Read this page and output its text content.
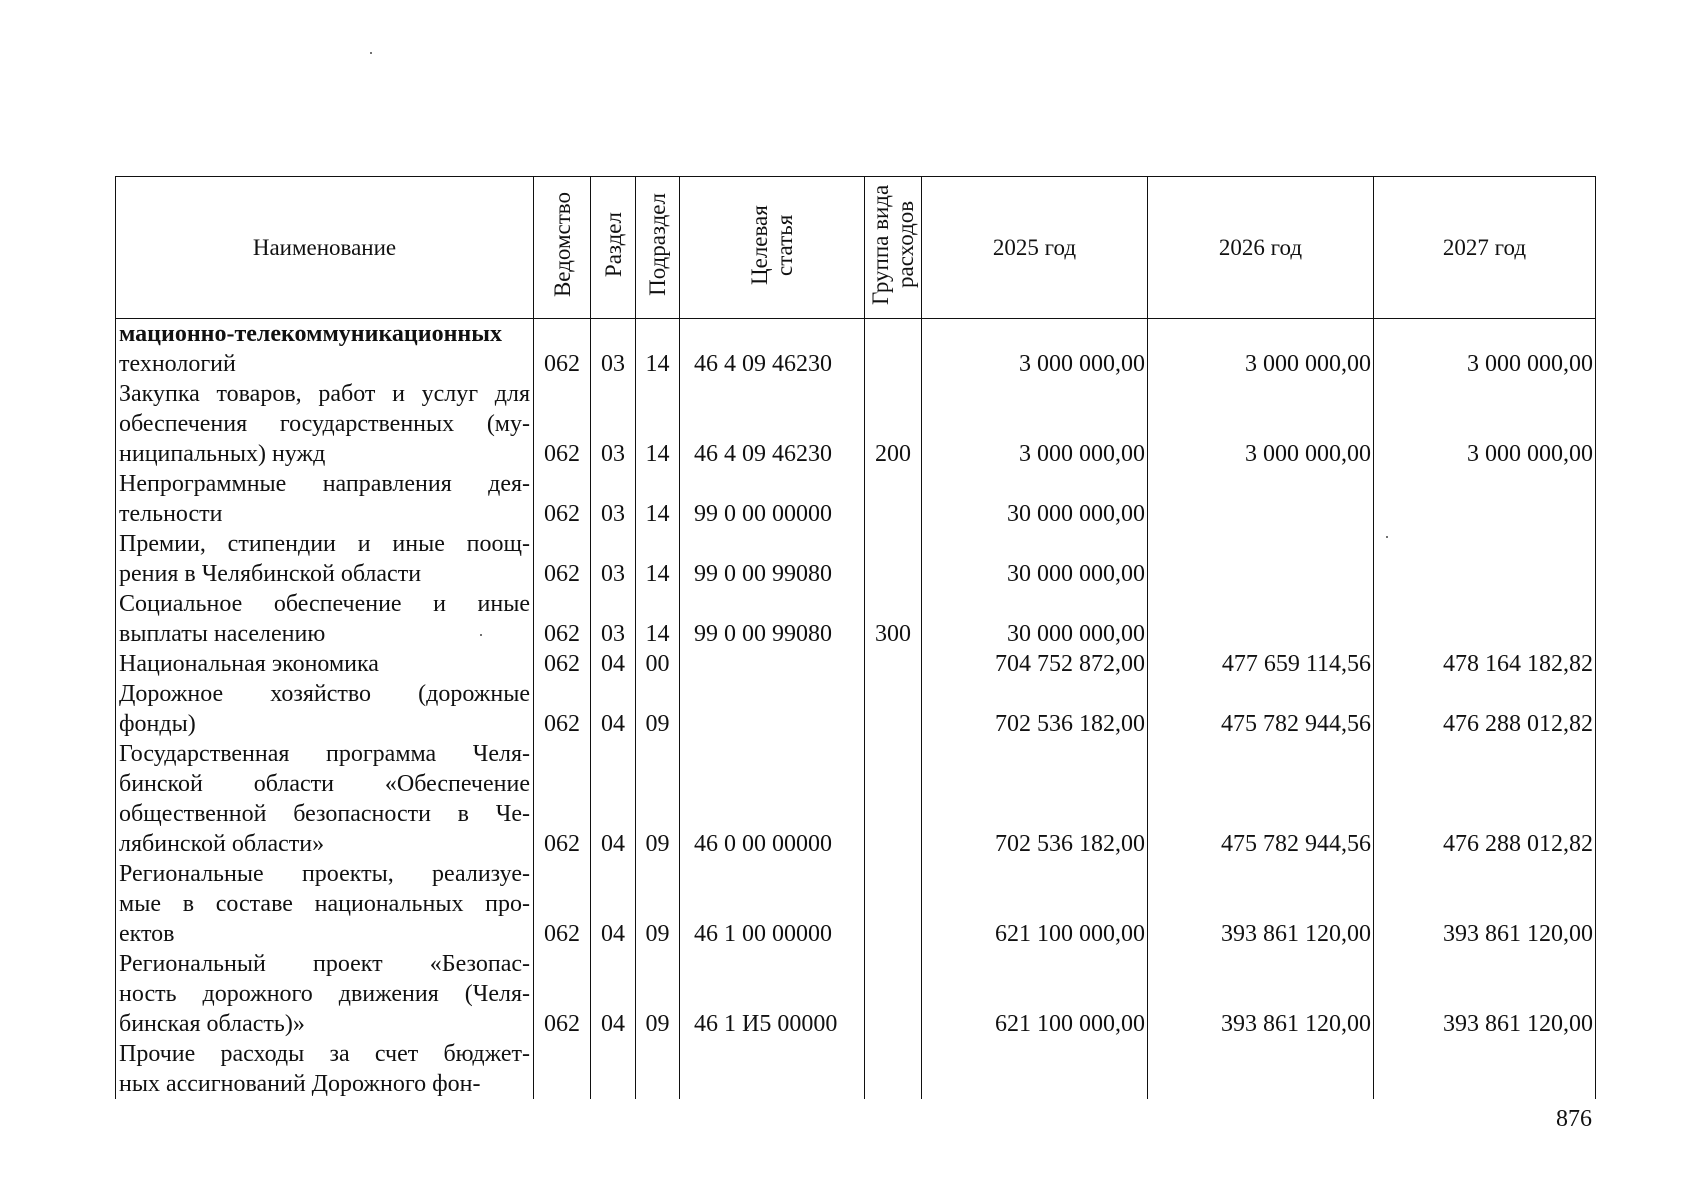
Наименование	Ведомство	Раздел	Подраздел	Целевая статья	Группа вида расходов	2025 год	2026 год	2027 год

мационно-телекоммуникационных
технологий	062	03	14	46 4 09 46230		3 000 000,00	3 000 000,00	3 000 000,00

Закупка товаров, работ и услуг для
обеспечения государственных (му-
ниципальных) нужд	062	03	14	46 4 09 46230	200	3 000 000,00	3 000 000,00	3 000 000,00

Непрограммные направления дея-
тельности	062	03	14	99 0 00 00000		30 000 000,00		

Премии, стипендии и иные поощ-
рения в Челябинской области	062	03	14	99 0 00 99080		30 000 000,00		

Социальное обеспечение и иные
выплаты населению	062	03	14	99 0 00 99080	300	30 000 000,00		

Национальная экономика	062	04	00			704 752 872,00	477 659 114,56	478 164 182,82

Дорожное хозяйство (дорожные
фонды)	062	04	09			702 536 182,00	475 782 944,56	476 288 012,82

Государственная программа Челя-
бинской области «Обеспечение
общественной безопасности в Че-
лябинской области»	062	04	09	46 0 00 00000		702 536 182,00	475 782 944,56	476 288 012,82

Региональные проекты, реализуе-
мые в составе национальных про-
ектов	062	04	09	46 1 00 00000		621 100 000,00	393 861 120,00	393 861 120,00

Региональный проект «Безопас-
ность дорожного движения (Челя-
бинская область)»	062	04	09	46 1 И5 00000		621 100 000,00	393 861 120,00	393 861 120,00

Прочие расходы за счет бюджет-
ных ассигнований Дорожного фон-								

876
